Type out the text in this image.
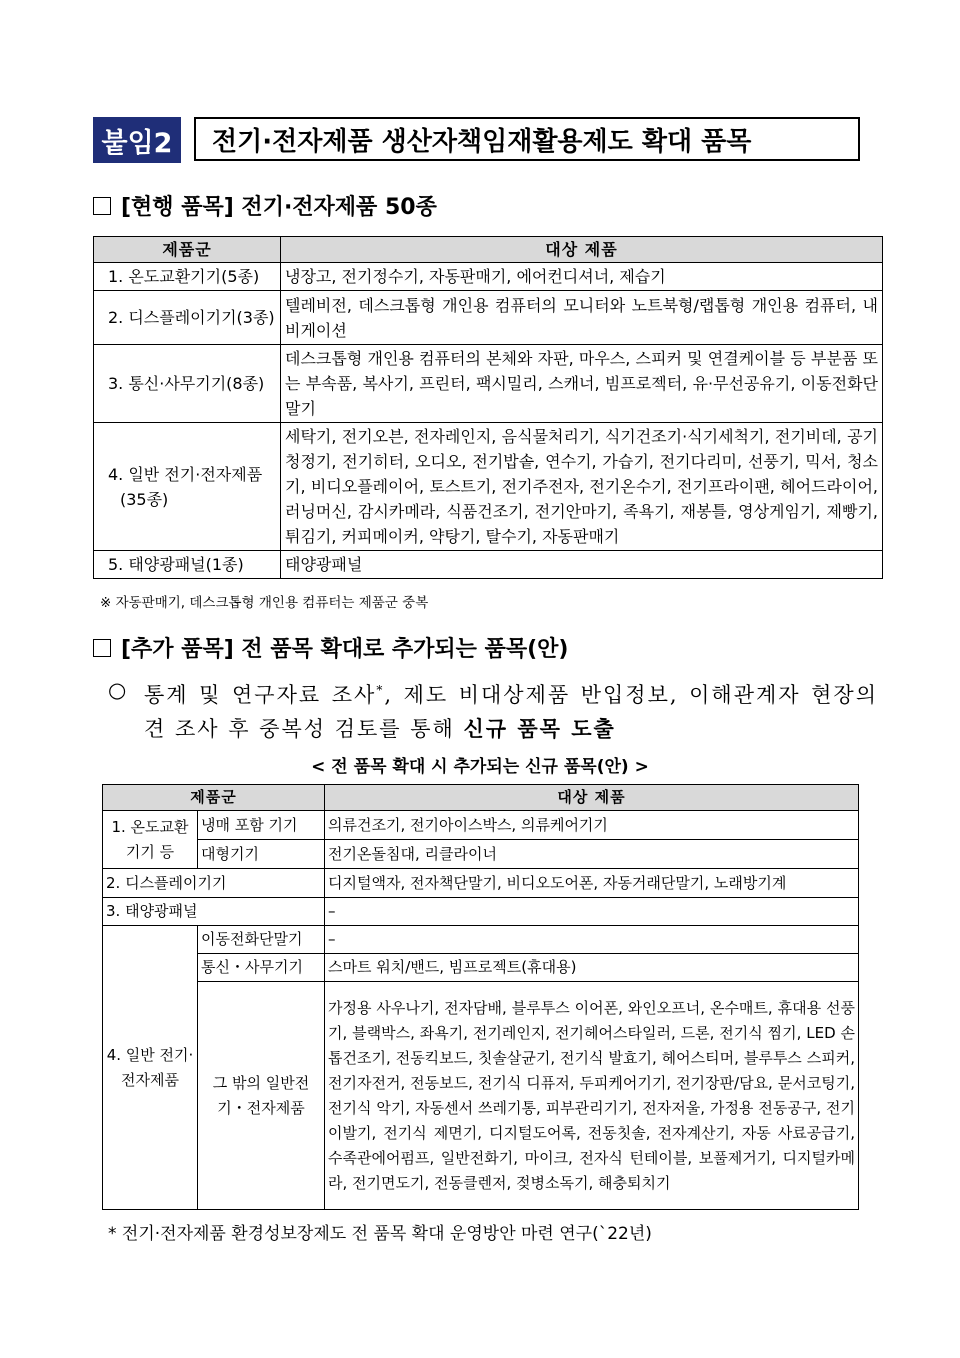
붙임2	전기·전자제품 생산자책임재활용제도 확대 품목
[현행 품목] 전기·전자제품 50종
제품군	대상 제품
1. 온도교환기기(5종)	냉장고, 전기정수기, 자동판매기, 에어컨디셔너, 제습기
2. 디스플레이기기(3종)	텔레비전, 데스크톱형 개인용 컴퓨터의 모니터와 노트북형/랩톱형 개인용 컴퓨터, 내비게이션
3. 통신·사무기기(8종)	데스크톱형 개인용 컴퓨터의 본체와 자판, 마우스, 스피커 및 연결케이블 등 부분품 또는 부속품, 복사기, 프린터, 팩시밀리, 스캐너, 빔프로젝터, 유·무선공유기, 이동전화단말기

4. 일반 전기·전자제품
(35종)	세탁기, 전기오븐, 전자레인지, 음식물처리기, 식기건조기·식기세척기, 전기비데, 공기청정기, 전기히터, 오디오, 전기밥솥, 연수기, 가습기, 전기다리미, 선풍기, 믹서, 청소기, 비디오플레이어, 토스트기, 전기주전자, 전기온수기, 전기프라이팬, 헤어드라이어, 러닝머신, 감시카메라, 식품건조기, 전기안마기, 족욕기, 재봉틀, 영상게임기, 제빵기, 튀김기, 커피메이커, 약탕기, 탈수기, 자동판매기
5. 태양광패널(1종)	태양광패널
※ 자동판매기, 데스크톱형 개인용 컴퓨터는 제품군 중복
[추가 품목] 전 품목 확대로 추가되는 품목(안)
○ 통계 및 연구자료 조사*, 제도 비대상제품 반입정보, 이해관계자 현장의견 조사 후 중복성 검토를 통해 신규 품목 도출
< 전 품목 확대 시 추가되는 신규 품목(안) >
제품군		대상 제품
1. 온도교환기기 등	냉매 포함 기기	의류건조기, 전기아이스박스, 의류케어기기
	대형기기	전기온돌침대, 리클라이너
2. 디스플레이기기		디지털액자, 전자책단말기, 비디오도어폰, 자동거래단말기, 노래방기계
3. 태양광패널		–
4. 일반 전기·전자제품	이동전화단말기	–
	통신・사무기기	스마트 워치/밴드, 빔프로젝트(휴대용)
	그 밖의 일반전기・전자제품	가정용 사우나기, 전자담배, 블루투스 이어폰, 와인오프너, 온수매트, 휴대용 선풍기, 블랙박스, 좌욕기, 전기레인지, 전기헤어스타일러, 드론, 전기식 찜기, LED 손톱건조기, 전동킥보드, 칫솔살균기, 전기식 발효기, 헤어스티머, 블루투스 스피커, 전기자전거, 전동보드, 전기식 디퓨저, 두피케어기기, 전기장판/담요, 문서코팅기, 전기식 악기, 자동센서 쓰레기통, 피부관리기기, 전자저울, 가정용 전동공구, 전기이발기, 전기식 제면기, 디지털도어록, 전동칫솔, 전자계산기, 자동 사료공급기, 수족관에어펌프, 일반전화기, 마이크, 전자식 턴테이블, 보풀제거기, 디지털카메라, 전기면도기, 전동클렌저, 젖병소독기, 해충퇴치기
* 전기·전자제품 환경성보장제도 전 품목 확대 운영방안 마련 연구(`22년)
